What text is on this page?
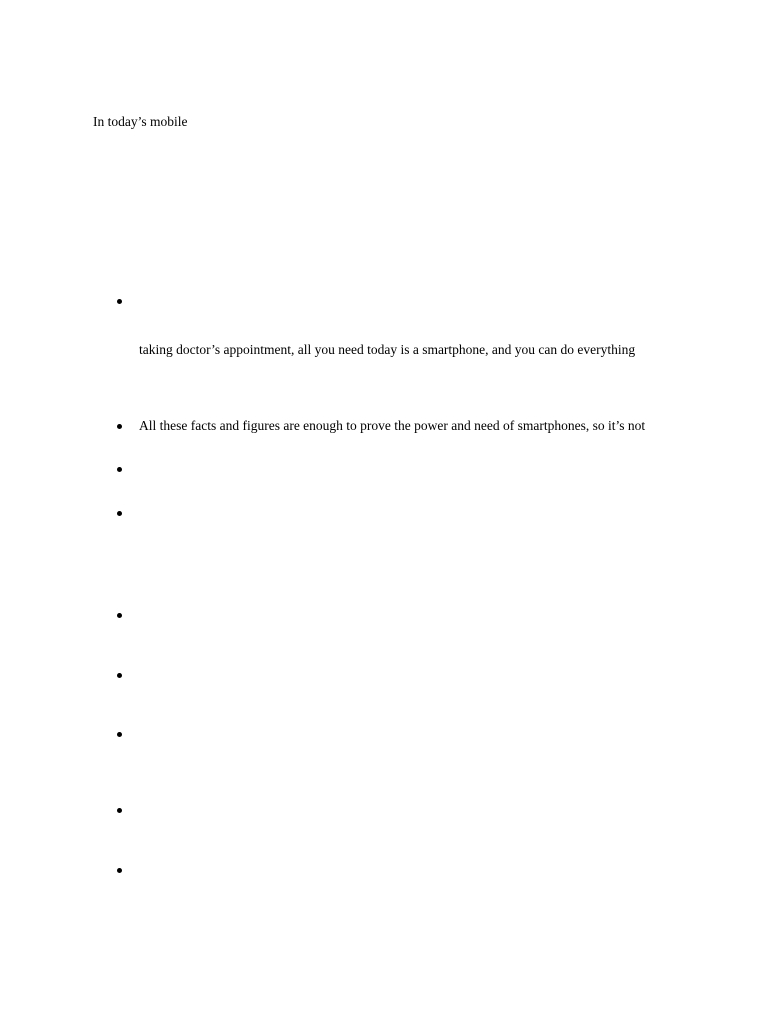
In today’s mobile
taking doctor’s appointment, all you need today is a smartphone, and you can do everything
All these facts and figures are enough to prove the power and need of smartphones, so it’s not
